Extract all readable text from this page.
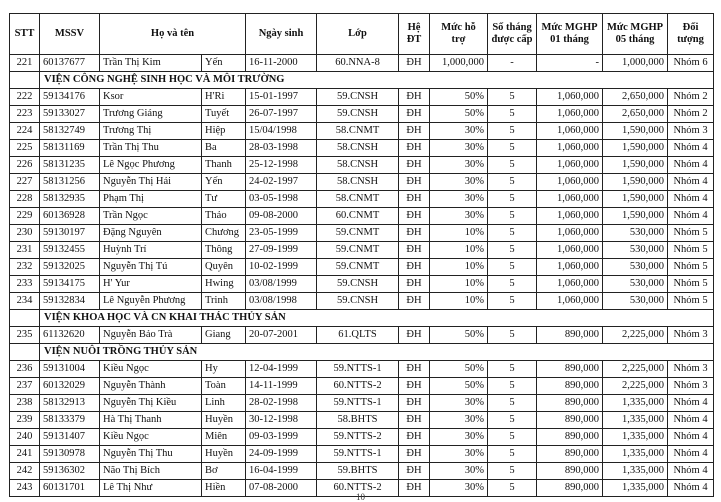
STT	MSSV	Họ và tên		Ngày sinh	Lớp	Hệ ĐT	Mức hỗ trợ	Số tháng được cấp	Mức MGHP 01 tháng	Mức MGHP 05 tháng	Đối tượng
221	60137677	Trần Thị Kim	Yến	16-11-2000	60.NNA-8	ĐH	1,000,000	-	-	1,000,000	Nhóm 6
	VIỆN CÔNG NGHỆ SINH HỌC VÀ MÔI TRƯỜNG										
222	59134176	Ksor	H'Ri	15-01-1997	59.CNSH	ĐH	50%	5	1,060,000	2,650,000	Nhóm 2
223	59133027	Trương Giáng	Tuyết	26-07-1997	59.CNSH	ĐH	50%	5	1,060,000	2,650,000	Nhóm 2
224	58132749	Trương Thị	Hiệp	15/04/1998	58.CNMT	ĐH	30%	5	1,060,000	1,590,000	Nhóm 3
225	58131169	Trần Thị Thu	Ba	28-03-1998	58.CNSH	ĐH	30%	5	1,060,000	1,590,000	Nhóm 4
226	58131235	Lê Ngọc Phương	Thanh	25-12-1998	58.CNSH	ĐH	30%	5	1,060,000	1,590,000	Nhóm 4
227	58131256	Nguyễn Thị Hải	Yến	24-02-1997	58.CNSH	ĐH	30%	5	1,060,000	1,590,000	Nhóm 4
228	58132935	Phạm Thị	Tư	03-05-1998	58.CNMT	ĐH	30%	5	1,060,000	1,590,000	Nhóm 4
229	60136928	Trần Ngọc	Thảo	09-08-2000	60.CNMT	ĐH	30%	5	1,060,000	1,590,000	Nhóm 4
230	59130197	Đặng Nguyên	Chương	23-05-1999	59.CNMT	ĐH	10%	5	1,060,000	530,000	Nhóm 5
231	59132455	Huỳnh Trí	Thông	27-09-1999	59.CNMT	ĐH	10%	5	1,060,000	530,000	Nhóm 5
232	59132025	Nguyễn Thị Tú	Quyên	10-02-1999	59.CNMT	ĐH	10%	5	1,060,000	530,000	Nhóm 5
233	59134175	H' Yur	Hwing	03/08/1999	59.CNSH	ĐH	10%	5	1,060,000	530,000	Nhóm 5
234	59132834	Lê Nguyễn Phương	Trinh	03/08/1998	59.CNSH	ĐH	10%	5	1,060,000	530,000	Nhóm 5
	VIỆN KHOA HỌC VÀ CN KHAI THÁC THỦY SẢN										
235	61132620	Nguyễn Bảo Trà	Giang	20-07-2001	61.QLTS	ĐH	50%	5	890,000	2,225,000	Nhóm 3
	VIỆN NUÔI TRỒNG THỦY SẢN										
236	59131004	Kiều Ngọc	Hy	12-04-1999	59.NTTS-1	ĐH	50%	5	890,000	2,225,000	Nhóm 3
237	60132029	Nguyễn Thành	Toàn	14-11-1999	60.NTTS-2	ĐH	50%	5	890,000	2,225,000	Nhóm 3
238	58132913	Nguyễn Thị Kiều	Linh	28-02-1998	59.NTTS-1	ĐH	30%	5	890,000	1,335,000	Nhóm 4
239	58133379	Hà Thị Thanh	Huyền	30-12-1998	58.BHTS	ĐH	30%	5	890,000	1,335,000	Nhóm 4
240	59131407	Kiều Ngọc	Miên	09-03-1999	59.NTTS-2	ĐH	30%	5	890,000	1,335,000	Nhóm 4
241	59130978	Nguyễn Thị Thu	Huyền	24-09-1999	59.NTTS-1	ĐH	30%	5	890,000	1,335,000	Nhóm 4
242	59136302	Não Thị Bích	Bơ	16-04-1999	59.BHTS	ĐH	30%	5	890,000	1,335,000	Nhóm 4
243	60131701	Lê Thị Như	Hiền	07-08-2000	60.NTTS-2	ĐH	30%	5	890,000	1,335,000	Nhóm 4
10
